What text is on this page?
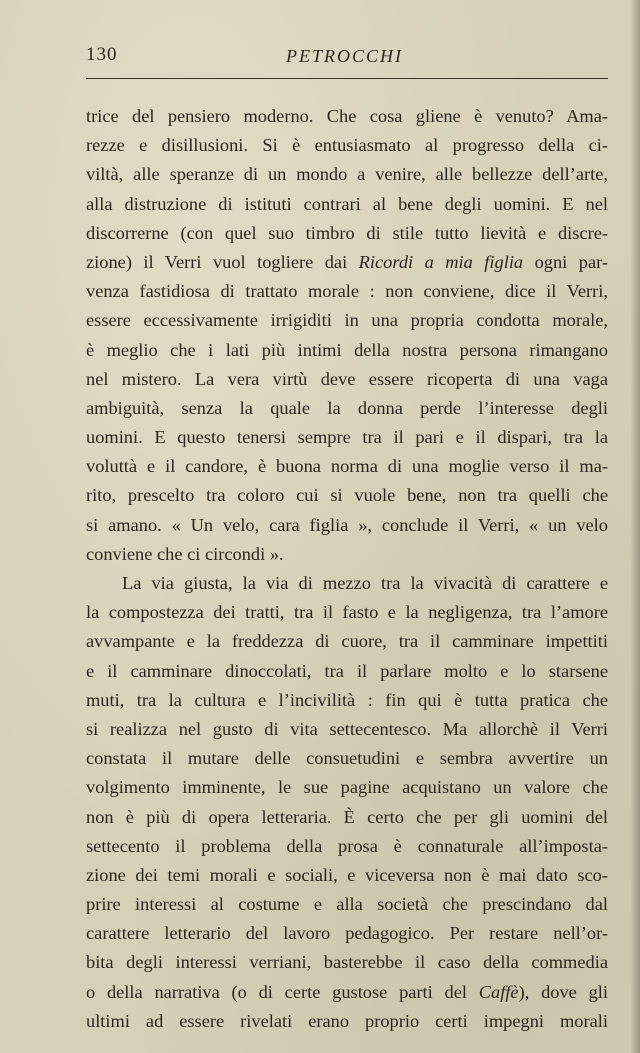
130	PETROCCHI
trice del pensiero moderno. Che cosa gliene è venuto? Ama-
rezze e disillusioni. Si è entusiasmato al progresso della ci-
viltà, alle speranze di un mondo a venire, alle bellezze dell’arte,
alla distruzione di istituti contrari al bene degli uomini. E nel
discorrerne (con quel suo timbro di stile tutto lievità e discre-
zione) il Verri vuol togliere dai Ricordi a mia figlia ogni par-
venza fastidiosa di trattato morale : non conviene, dice il Verri,
essere eccessivamente irrigiditi in una propria condotta morale,
è meglio che i lati più intimi della nostra persona rimangano
nel mistero. La vera virtù deve essere ricoperta di una vaga
ambiguità, senza la quale la donna perde l’interesse degli
uomini. E questo tenersi sempre tra il pari e il dispari, tra la
voluttà e il candore, è buona norma di una moglie verso il ma-
rito, prescelto tra coloro cui si vuole bene, non tra quelli che
si amano. « Un velo, cara figlia », conclude il Verri, « un velo
conviene che ci circondi ».
La via giusta, la via di mezzo tra la vivacità di carattere e
la compostezza dei tratti, tra il fasto e la negligenza, tra l’amore
avvampante e la freddezza di cuore, tra il camminare impettiti
e il camminare dinoccolati, tra il parlare molto e lo starsene
muti, tra la cultura e l’incivilità : fin qui è tutta pratica che
si realizza nel gusto di vita settecentesco. Ma allorchè il Verri
constata il mutare delle consuetudini e sembra avvertire un
volgimento imminente, le sue pagine acquistano un valore che
non è più di opera letteraria. È certo che per gli uomini del
settecento il problema della prosa è connaturale all’imposta-
zione dei temi morali e sociali, e viceversa non è mai dato sco-
prire interessi al costume e alla società che prescindano dal
carattere letterario del lavoro pedagogico. Per restare nell’or-
bita degli interessi verriani, basterebbe il caso della commedia
o della narrativa (o di certe gustose parti del Caffè), dove gli
ultimi ad essere rivelati erano proprio certi impegni morali
